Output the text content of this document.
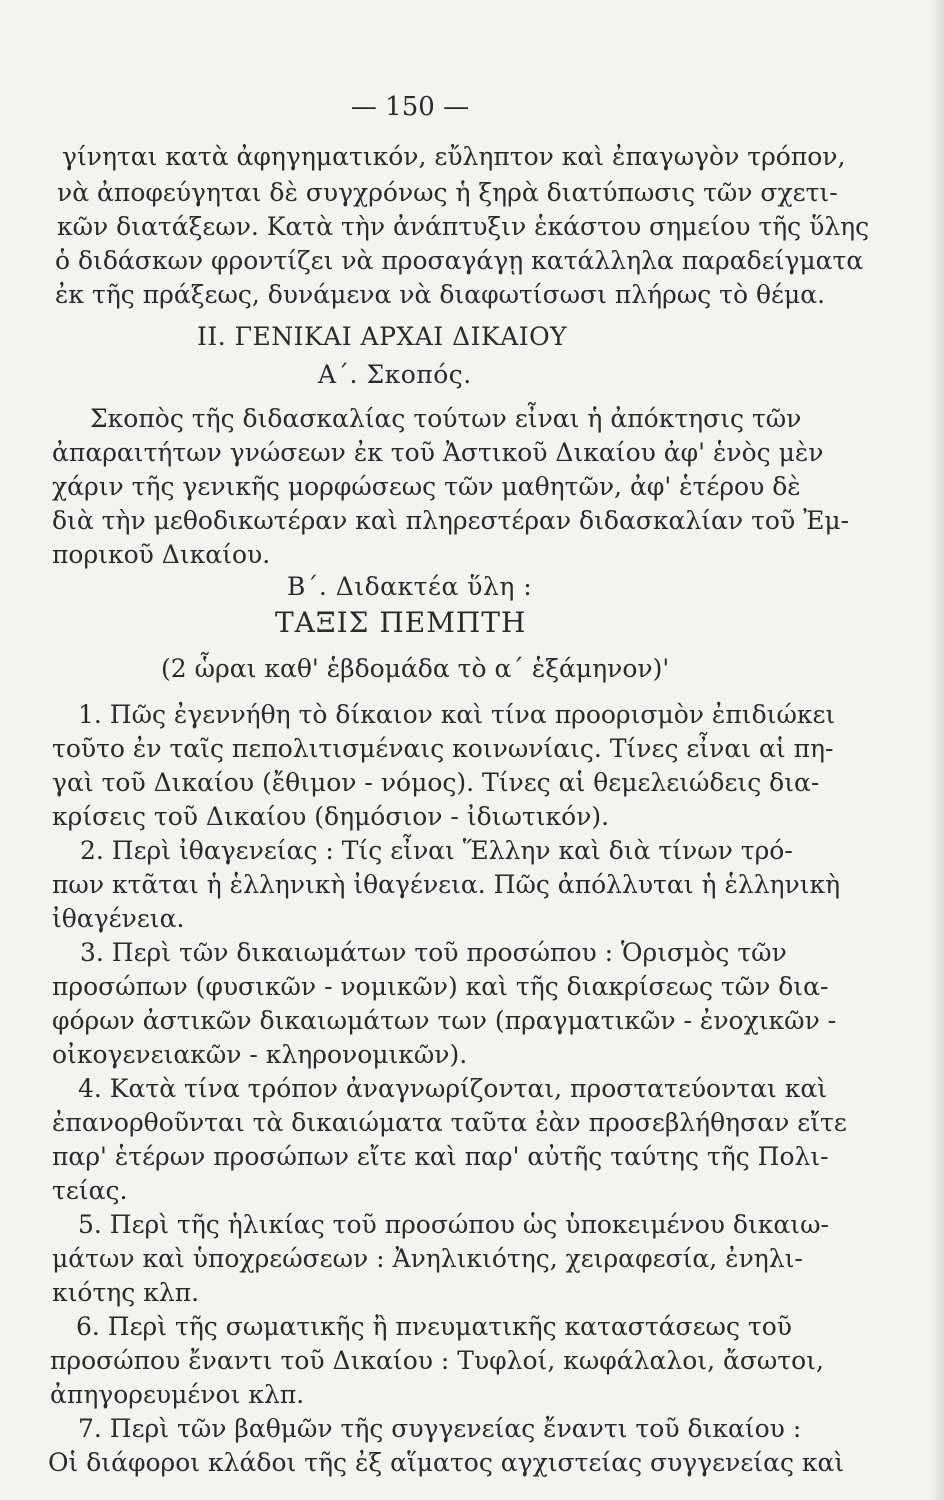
— 150 —
γίνηται κατὰ ἀφηγηματικόν, εὔληπτον καὶ ἐπαγωγὸν τρόπον,
νὰ ἀποφεύγηται δὲ συγχρόνως ἡ ξηρὰ διατύπωσις τῶν σχετι-
κῶν διατάξεων. Κατὰ τὴν ἀνάπτυξιν ἑκάστου σημείου τῆς ὕλης
ὁ διδάσκων φροντίζει νὰ προσαγάγῃ κατάλληλα παραδείγματα
ἐκ τῆς πράξεως, δυνάμενα νὰ διαφωτίσωσι πλήρως τὸ θέμα.
II. ΓΕΝΙΚΑΙ ΑΡΧΑΙ ΔΙΚΑΙΟΥ
Α΄. Σκοπός.
Σκοπὸς τῆς διδασκαλίας τούτων εἶναι ἡ ἀπόκτησις τῶν
ἀπαραιτήτων γνώσεων ἐκ τοῦ Ἀστικοῦ Δικαίου ἀφ' ἑνὸς μὲν
χάριν τῆς γενικῆς μορφώσεως τῶν μαθητῶν, ἀφ' ἑτέρου δὲ
διὰ τὴν μεθοδικωτέραν καὶ πληρεστέραν διδασκαλίαν τοῦ Ἐμ-
πορικοῦ Δικαίου.
Β΄. Διδακτέα ὕλη :
ΤΑΞΙΣ ΠΕΜΠΤΗ
(2 ὧραι καθ' ἑβδομάδα τὸ α΄ ἑξάμηνον)'
1. Πῶς ἐγεννήθη τὸ δίκαιον καὶ τίνα προορισμὸν ἐπιδιώκει
τοῦτο ἐν ταῖς πεπολιτισμέναις κοινωνίαις. Τίνες εἶναι αἱ πη-
γαὶ τοῦ Δικαίου (ἔθιμον - νόμος). Τίνες αἱ θεμελειώδεις δια-
κρίσεις τοῦ Δικαίου (δημόσιον - ἰδιωτικόν).
2. Περὶ ἰθαγενείας : Τίς εἶναι Ἕλλην καὶ διὰ τίνων τρό-
πων κτᾶται ἡ ἑλληνικὴ ἰθαγένεια. Πῶς ἀπόλλυται ἡ ἑλληνικὴ
ἰθαγένεια.
3. Περὶ τῶν δικαιωμάτων τοῦ προσώπου : Ὁρισμὸς τῶν
προσώπων (φυσικῶν - νομικῶν) καὶ τῆς διακρίσεως τῶν δια-
φόρων ἀστικῶν δικαιωμάτων των (πραγματικῶν - ἐνοχικῶν -
οἰκογενειακῶν - κληρονομικῶν).
4. Κατὰ τίνα τρόπον ἀναγνωρίζονται, προστατεύονται καὶ
ἐπανορθοῦνται τὰ δικαιώματα ταῦτα ἐὰν προσεβλήθησαν εἴτε
παρ' ἑτέρων προσώπων εἴτε καὶ παρ' αὐτῆς ταύτης τῆς Πολι-
τείας.
5. Περὶ τῆς ἡλικίας τοῦ προσώπου ὡς ὑποκειμένου δικαιω-
μάτων καὶ ὑποχρεώσεων : Ἀνηλικιότης, χειραφεσία, ἐνηλι-
κιότης κλπ.
6. Περὶ τῆς σωματικῆς ἢ πνευματικῆς καταστάσεως τοῦ
προσώπου ἔναντι τοῦ Δικαίου : Τυφλοί, κωφάλαλοι, ἄσωτοι,
ἀπηγορευμένοι κλπ.
7. Περὶ τῶν βαθμῶν τῆς συγγενείας ἔναντι τοῦ δικαίου :
Οἱ διάφοροι κλάδοι τῆς ἐξ αἵματος αγχιστείας συγγενείας καὶ
